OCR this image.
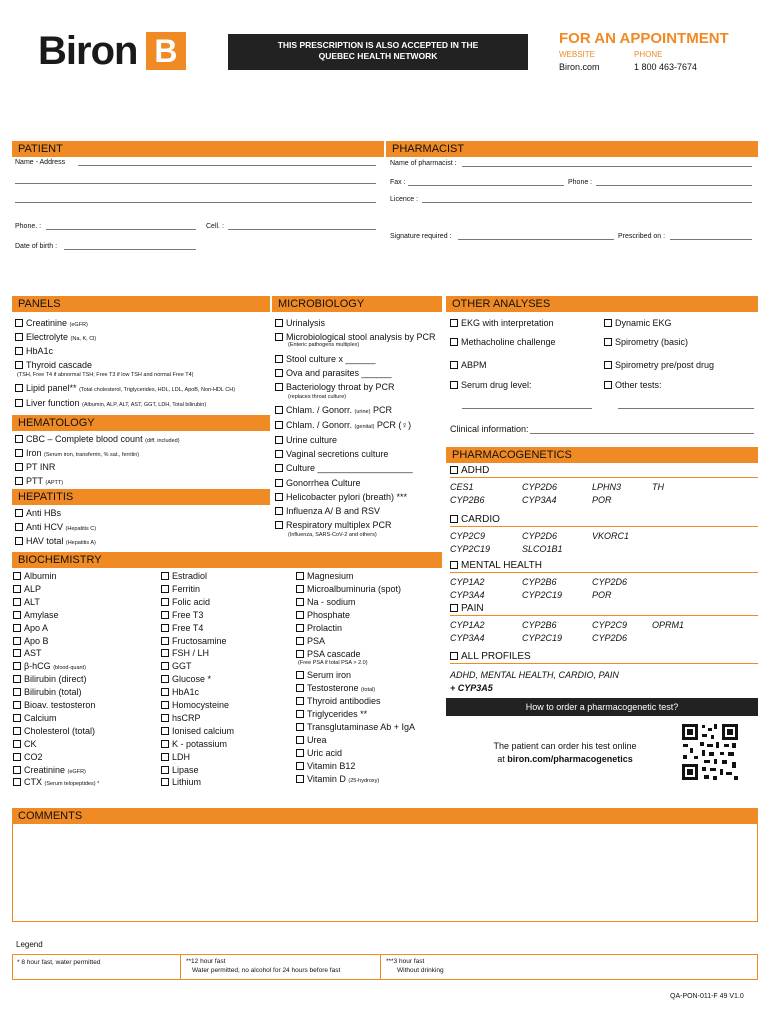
Biron B	THIS PRESCRIPTION IS ALSO ACCEPTED IN THE
QUEBEC HEALTH NETWORK
FOR AN APPOINTMENT
WEBSITE
Biron.com
PHONE
1 800 463-7674
PATIENT
Name - Address
Phone. :	Cell. :
Date of birth :
PHARMACIST
Name of pharmacist :
Fax :	Phone :
Licence :
Signature required :	Prescribed on :
PANELS
Creatinine (eGFR)
Electrolyte (Na, K, Cl)
HbA1c
Thyroid cascade
(TSH, Free T4 if abnormal TSH; Free T3 if low TSH and normal Free T4)
Lipid panel** (Total cholesterol, Triglycerides, HDL, LDL, ApoB, Non-HDL CH)
Liver function (Albumin, ALP, ALT, AST, GGT, LDH, Total bilirubin)
HEMATOLOGY
CBC – Complete blood count (diff. included)
Iron (Serum iron, transferrin, % sat., ferritin)
PT INR
PTT (APTT)
HEPATITIS
Anti HBs
Anti HCV (Hepatitis C)
HAV total (Hepatitis A)
BIOCHEMISTRY
Albumin
ALP
ALT
Amylase
Apo A
Apo B
AST
β-hCG (blood-quant)
Bilirubin (direct)
Bilirubin (total)
Bioav. testosteron
Calcium
Cholesterol (total)
CK
CO2
Creatinine (eGFR)
CTX (Serum telopeptides) *
Estradiol
Ferritin
Folic acid
Free T3
Free T4
Fructosamine
FSH / LH
GGT
Glucose *
HbA1c
Homocysteine
hsCRP
Ionised calcium
K - potassium
LDH
Lipase
Lithium
Magnesium
Microalbuminuria (spot)
Na - sodium
Phosphate
Prolactin
PSA
PSA cascade
Serum iron
Testosterone (total)
Thyroid antibodies
Triglycerides **
Transglutaminase Ab + IgA
Urea
Uric acid
Vitamin B12
Vitamin D (25-hydroxy)
(Free PSA if total PSA > 2.0)
MICROBIOLOGY
Urinalysis
Microbiological stool analysis by PCR
Stool culture x ______
Ova and parasites ______
Bacteriology throat by PCR
Chlam. / Gonorr. (urine) PCR
Chlam. / Gonorr. (genital) PCR (♀)
Urine culture
Vaginal secretions culture
Culture ___________________
Gonorrhea Culture
Helicobacter pylori (breath) ***
Influenza A/ B and RSV
Respiratory multiplex PCR
(Enteric pathogens multiplex)
(replaces throat culture)
(Influenza, SARS-CoV-2 and others)
OTHER ANALYSES
EKG with interpretation
Methacholine challenge
ABPM
Serum drug level:
Dynamic EKG
Spirometry (basic)
Spirometry pre/post drug
Other tests:
Clinical information:
PHARMACOGENETICS
ADHD
CES1	CYP2D6	LPHN3	TH
CYP2B6	CYP3A4	POR
CARDIO
CYP2C9	CYP2D6	VKORC1
CYP2C19	SLCO1B1
MENTAL HEALTH
CYP1A2	CYP2B6	CYP2D6
CYP3A4	CYP2C19	POR
PAIN
CYP1A2	CYP2B6	CYP2C9	OPRM1
CYP3A4	CYP2C19	CYP2D6
ALL PROFILES
ADHD, MENTAL HEALTH, CARDIO, PAIN
+ CYP3A5
How to order a pharmacogenetic test?
The patient can order his test online
at biron.com/pharmacogenetics
COMMENTS
Legend
* 8 hour fast, water permitted	**12 hour fast
Water permitted, no alcohol for 24 hours before fast
***3 hour fast
Without drinking
QA-PON-011-F 49 V1.0
